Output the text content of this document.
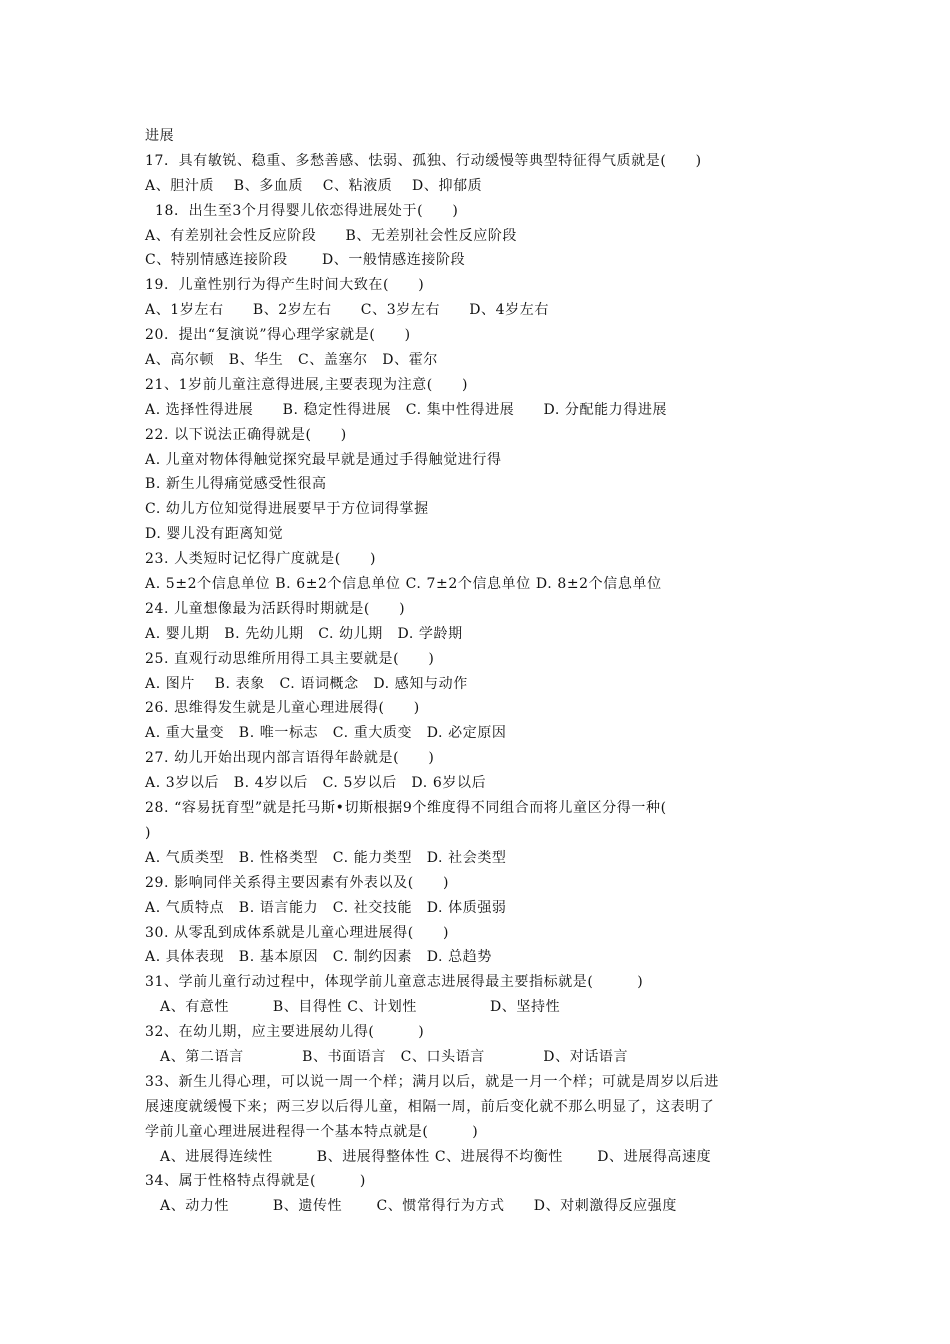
进展
17．具有敏锐、稳重、多愁善感、怯弱、孤独、行动缓慢等典型特征得气质就是(　　)
A、胆汁质　 B、多血质　 C、粘液质　 D、抑郁质
18．出生至3个月得婴儿依恋得进展处于(　　)
A、有差别社会性反应阶段　　B、无差别社会性反应阶段
C、特别情感连接阶段　　 D、一般情感连接阶段
19．儿童性别行为得产生时间大致在(　　)
A、1岁左右　　B、2岁左右　　C、3岁左右　　D、4岁左右
20．提出“复演说”得心理学家就是(　　)
A、高尔顿　B、华生　C、盖塞尔　D、霍尔
21、1岁前儿童注意得进展,主要表现为注意(　　)
A. 选择性得进展　　B. 稳定性得进展　C. 集中性得进展　　D. 分配能力得进展
22. 以下说法正确得就是(　　)
A. 儿童对物体得触觉探究最早就是通过手得触觉进行得
B. 新生儿得痛觉感受性很高
C. 幼儿方位知觉得进展要早于方位词得掌握
D. 婴儿没有距离知觉
23. 人类短时记忆得广度就是(　　)
A. 5±2个信息单位 B. 6±2个信息单位 C. 7±2个信息单位 D. 8±2个信息单位
24. 儿童想像最为活跃得时期就是(　　)
A. 婴儿期　B. 先幼儿期　C. 幼儿期　D. 学龄期
25. 直观行动思维所用得工具主要就是(　　)
A. 图片　 B. 表象　C. 语词概念　D. 感知与动作
26. 思维得发生就是儿童心理进展得(　　)
A. 重大量变　B. 唯一标志　C. 重大质变　D. 必定原因
27. 幼儿开始出现内部言语得年龄就是(　　)
A. 3岁以后　B. 4岁以后　C. 5岁以后　D. 6岁以后
28. “容易抚育型”就是托马斯•切斯根据9个维度得不同组合而将儿童区分得一种(
)
A. 气质类型　B. 性格类型　C. 能力类型　D. 社会类型
29. 影响同伴关系得主要因素有外表以及(　　)
A. 气质特点　B. 语言能力　C. 社交技能　D. 体质强弱
30. 从零乱到成体系就是儿童心理进展得(　　)
A. 具体表现　B. 基本原因　C. 制约因素　D. 总趋势
31、学前儿童行动过程中，体现学前儿童意志进展得最主要指标就是(　　　)
A、有意性　　　B、目得性 C、计划性　　　　　D、坚持性
32、在幼儿期，应主要进展幼儿得(　　　)
A、第二语言　　　　B、书面语言　C、口头语言　　　　D、对话语言
33、新生儿得心理，可以说一周一个样；满月以后，就是一月一个样；可就是周岁以后进
展速度就缓慢下来；两三岁以后得儿童，相隔一周，前后变化就不那么明显了，这表明了
学前儿童心理进展进程得一个基本特点就是(　　　)
A、进展得连续性　　　B、进展得整体性 C、进展得不均衡性　　 D、进展得高速度
34、属于性格特点得就是(　　　)
A、动力性　　　B、遗传性　　 C、惯常得行为方式　　D、对刺激得反应强度
